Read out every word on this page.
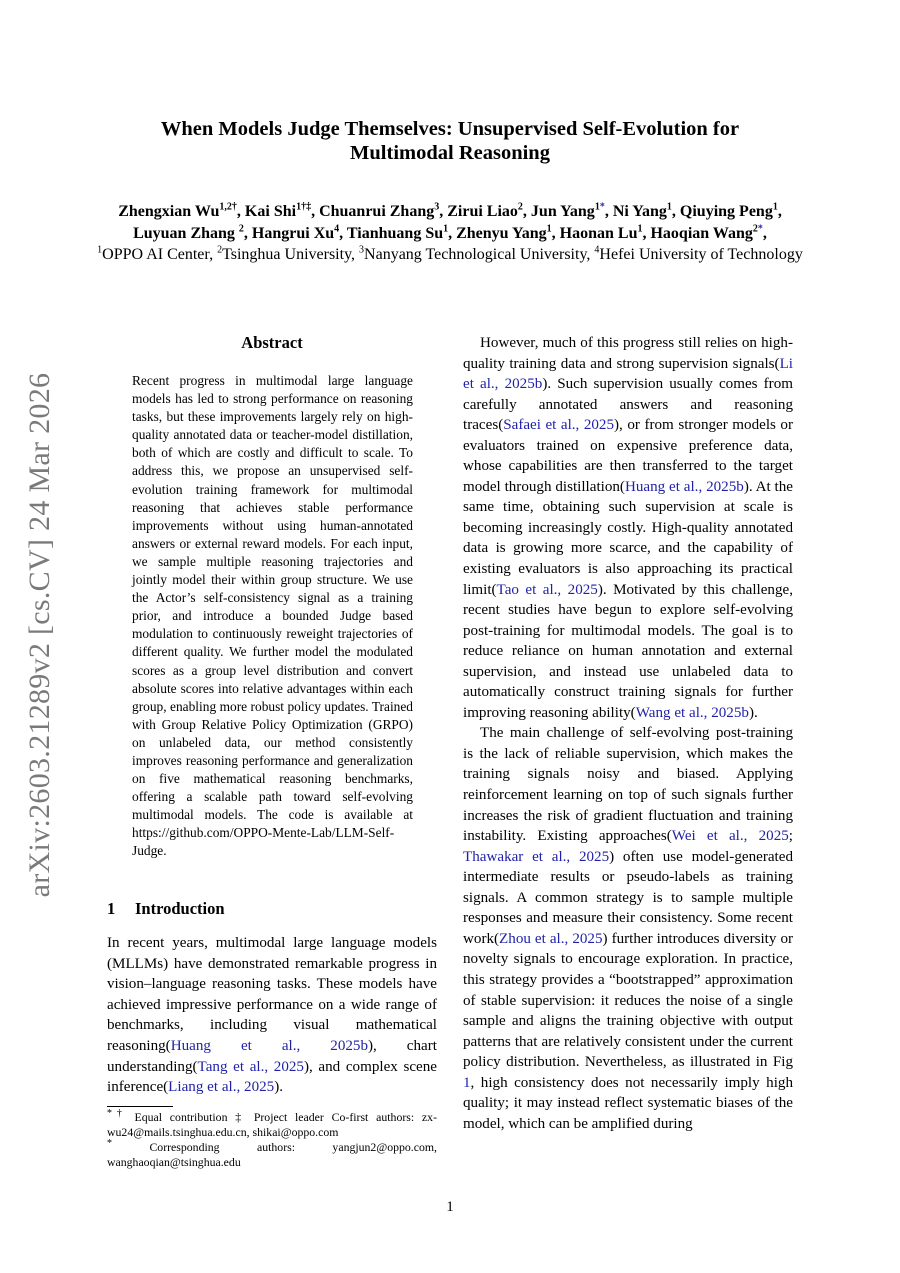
arXiv:2603.21289v2 [cs.CV] 24 Mar 2026
When Models Judge Themselves: Unsupervised Self-Evolution for
Multimodal Reasoning
Zhengxian $Wu^{1,2\dagger}$, Kai Shi$^{1\dagger\ddagger}$, Chuanrui Zhang$^3$, Zirui Liao$^2$, Jun Yang$^{1*}$, Ni Yang$^1$, Qiuying Peng$^1$,
Luyuan Zhang $^2$, Hangrui Xu$^4$, Tianhuang Su$^1$, Zhenyu Yang$^1$, Haonan Lu$^1$, Haoqian Wang$^{2*}$,
$^1$OPPO AI Center, $^2$Tsinghua University, $^3$Nanyang Technological University, $^4$Hefei University of Technology
Abstract
Recent progress in multimodal large language models has led to strong performance on reasoning tasks, but these improvements largely rely on high-quality annotated data or teacher-model distillation, both of which are costly and difficult to scale. To address this, we propose an unsupervised self-evolution training framework for multimodal reasoning that achieves stable performance improvements without using human-annotated answers or external reward models. For each input, we sample multiple reasoning trajectories and jointly model their within group structure. We use the Actor’s self-consistency signal as a training prior, and introduce a bounded Judge based modulation to continuously reweight trajectories of different quality. We further model the modulated scores as a group level distribution and convert absolute scores into relative advantages within each group, enabling more robust policy updates. Trained with Group Relative Policy Optimization (GRPO) on unlabeled data, our method consistently improves reasoning performance and generalization on five mathematical reasoning benchmarks, offering a scalable path toward self-evolving multimodal models. The code is available at https://github.com/OPPO-Mente-Lab/LLM-Self-Judge.
1 Introduction
In recent years, multimodal large language models (MLLMs) have demonstrated remarkable progress in vision–language reasoning tasks. These models have achieved impressive performance on a wide range of benchmarks, including visual mathematical reasoning(Huang et al., 2025b), chart understanding(Tang et al., 2025), and complex scene inference(Liang et al., 2025).

*† Equal contribution ‡ Project leader Co-first authors: zx-wu24@mails.tsinghua.edu.cn, shikai@oppo.com

*	Corresponding authors: yangjun2@oppo.com, wanghaoqian@tsinghua.edu

However, much of this progress still relies on high-quality training data and strong supervision signals(Li et al., 2025b). Such supervision usually comes from carefully annotated answers and reasoning traces(Safaei et al., 2025), or from stronger models or evaluators trained on expensive preference data, whose capabilities are then transferred to the target model through distillation(Huang et al., 2025b). At the same time, obtaining such supervision at scale is becoming increasingly costly. High-quality annotated data is growing more scarce, and the capability of existing evaluators is also approaching its practical limit(Tao et al., 2025). Motivated by this challenge, recent studies have begun to explore self-evolving post-training for multimodal models. The goal is to reduce reliance on human annotation and external supervision, and instead use unlabeled data to automatically construct training signals for further improving reasoning ability(Wang et al., 2025b).

The main challenge of self-evolving post-training is the lack of reliable supervision, which makes the training signals noisy and biased. Applying reinforcement learning on top of such signals further increases the risk of gradient fluctuation and training instability. Existing approaches(Wei et al., 2025; Thawakar et al., 2025) often use model-generated intermediate results or pseudo-labels as training signals. A common strategy is to sample multiple responses and measure their consistency. Some recent work(Zhou et al., 2025) further introduces diversity or novelty signals to encourage exploration. In practice, this strategy provides a “bootstrapped” approximation of stable supervision: it reduces the noise of a single sample and aligns the training objective with output patterns that are relatively consistent under the current policy distribution. Nevertheless, as illustrated in Fig 1, high consistency does not necessarily imply high quality; it may instead reflect systematic biases of the model, which can be amplified during

1
